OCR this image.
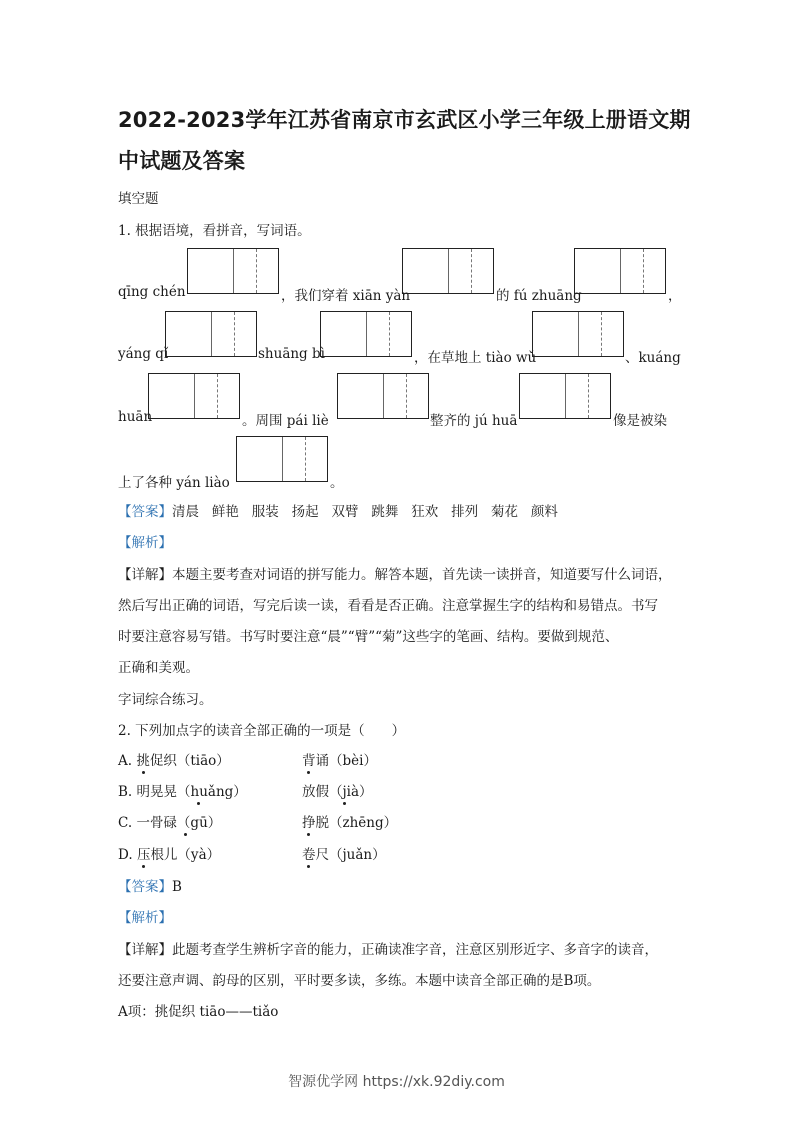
2022-2023学年江苏省南京市玄武区小学三年级上册语文期
中试题及答案
填空题
1. 根据语境，看拼音，写词语。
qīng chén	，我们穿着 xiān yàn	的 fú zhuāng	，
yáng qǐ	shuāng bì	，在草地上 tiào wǔ	、kuáng
huān	。周围 pái liè	整齐的 jú huā	像是被染
上了各种 yán liào	。
【答案】清晨 鲜艳 服装 扬起 双臂 跳舞 狂欢 排列 菊花 颜料
【解析】
【详解】本题主要考查对词语的拼写能力。解答本题，首先读一读拼音，知道要写什么词语，
然后写出正确的词语，写完后读一读，看看是否正确。注意掌握生字的结构和易错点。书写
时要注意容易写错。书写时要注意“晨”“臂”“菊”这些字的笔画、结构。要做到规范、
正确和美观。
字词综合练习。
2. 下列加点字的读音全部正确的一项是（　　）
A. 挑促织（tiāo）	背诵（bèi）
B. 明晃晃（huǎng）	放假（jià）
C. 一骨碌（gū）	挣脱（zhēng）
D. 压根儿（yà）	卷尺（juǎn）
【答案】B
【解析】
【详解】此题考查学生辨析字音的能力，正确读准字音，注意区别形近字、多音字的读音，
还要注意声调、韵母的区别，平时要多读，多练。本题中读音全部正确的是B项。
A项：挑促织 tiāo——tiǎo
智源优学网 https://xk.92diy.com
